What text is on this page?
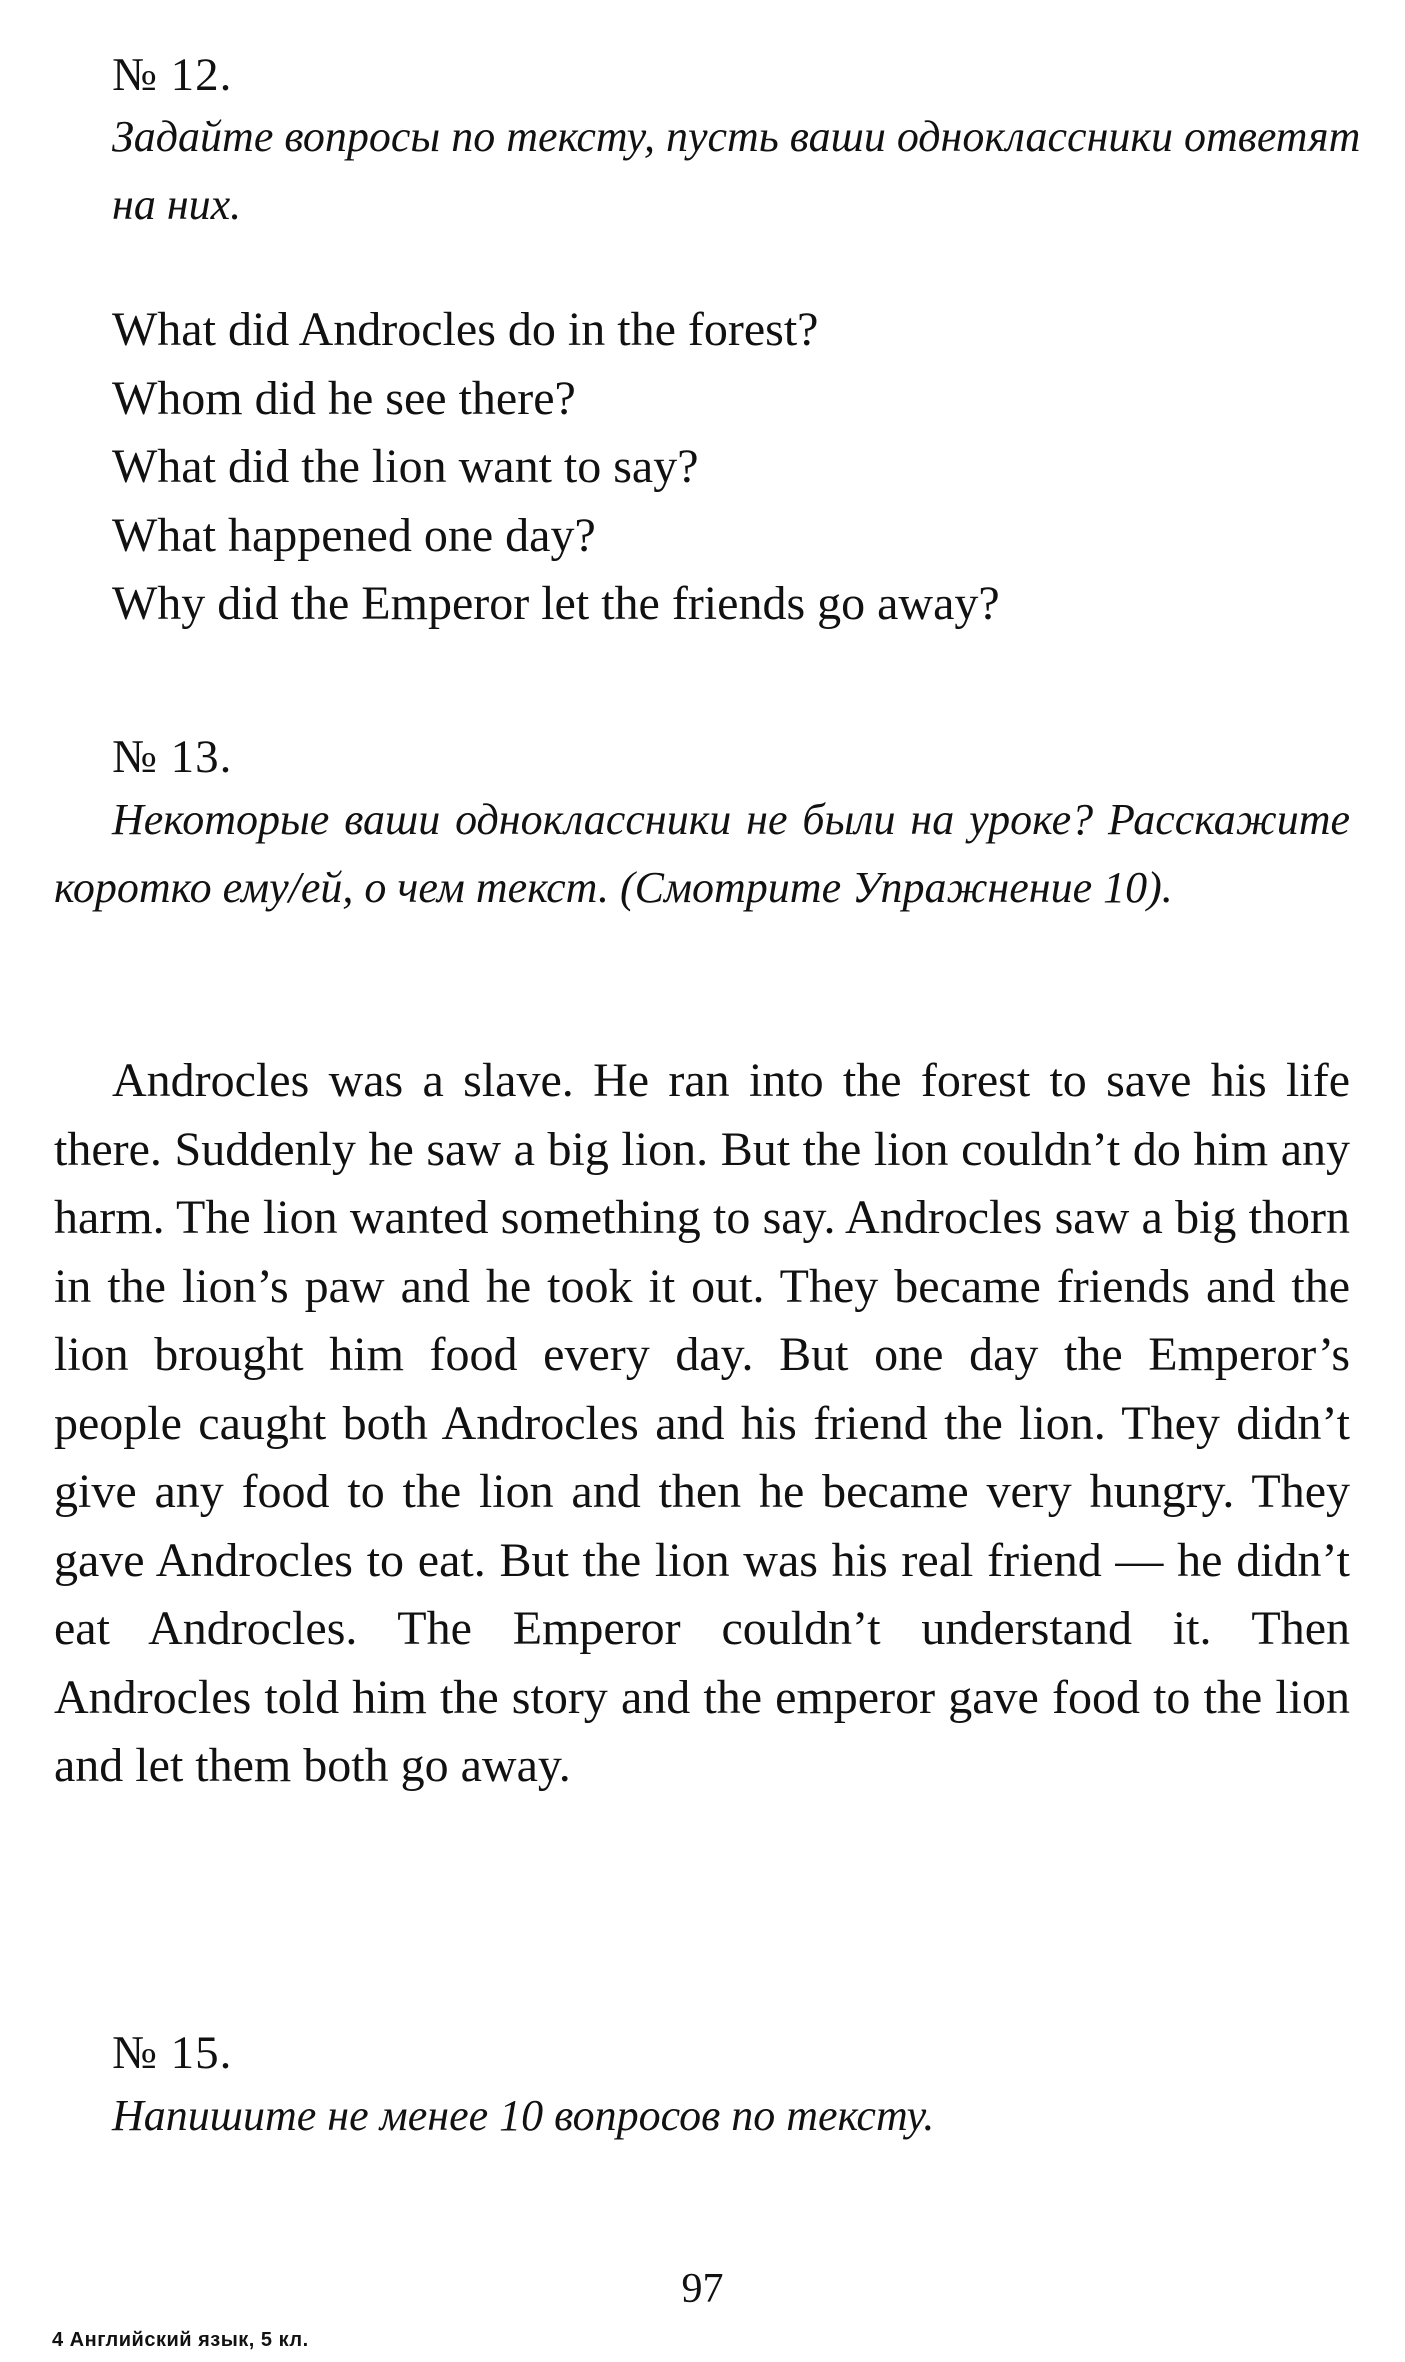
№ 12.

Задайте вопросы по тексту, пусть ваши одноклассники ответят на них.

What did Androcles do in the forest?
Whom did he see there?
What did the lion want to say?
What happened one day?
Why did the Emperor let the friends go away?
№ 13.

Некоторые ваши одноклассники не были на уроке? Расскажите коротко ему/ей, о чем текст. (Смотрите Упражнение 10).

Androcles was a slave. He ran into the forest to save his life there. Suddenly he saw a big lion. But the lion couldn’t do him any harm. The lion wanted something to say. Androcles saw a big thorn in the lion’s paw and he took it out. They became friends and the lion brought him food every day. But one day the Emperor’s people caught both Androcles and his friend the lion. They didn’t give any food to the lion and then he became very hungry. They gave Androcles to eat. But the lion was his real friend — he didn’t eat Androcles. The Emperor couldn’t understand it. Then Androcles told him the story and the emperor gave food to the lion and let them both go away.

№ 15.

Напишите не менее 10 вопросов по тексту.

97
4 Английский язык, 5 кл.
